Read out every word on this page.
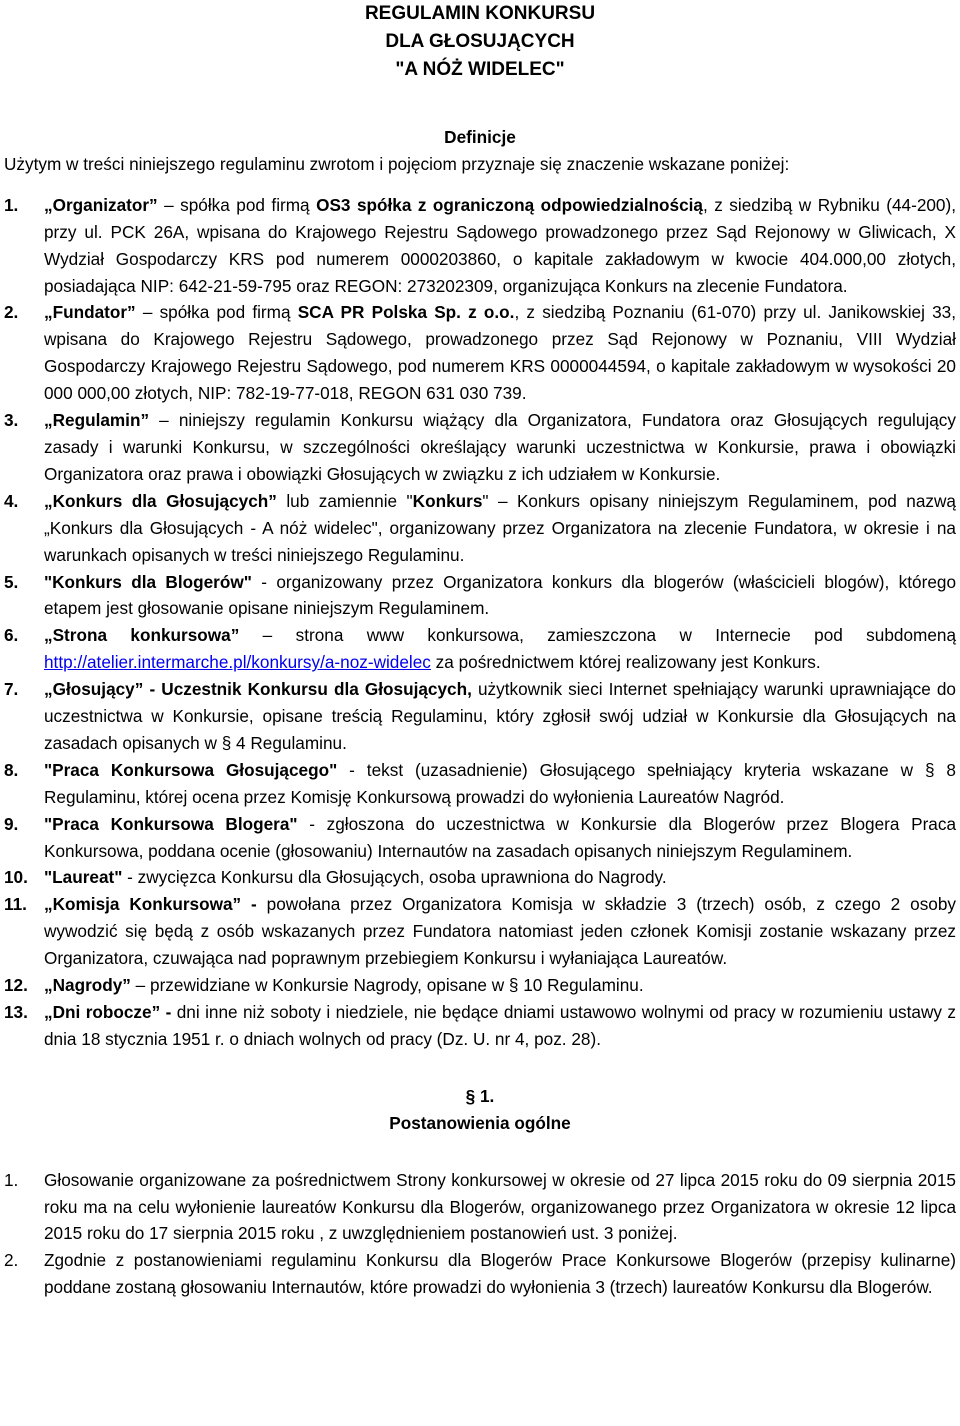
REGULAMIN KONKURSU
DLA GŁOSUJĄCYCH
"A NÓŻ WIDELEC"
Definicje

Użytym w treści niniejszego regulaminu zwrotom i pojęciom przyznaje się znaczenie wskazane poniżej:

1.	„Organizator” – spółka pod firmą OS3 spółka z ograniczoną odpowiedzialnością, z siedzibą w Rybniku (44-200), przy ul. PCK 26A, wpisana do Krajowego Rejestru Sądowego prowadzonego przez Sąd Rejonowy w Gliwicach, X Wydział Gospodarczy KRS pod numerem 0000203860, o kapitale zakładowym w kwocie 404.000,00 złotych, posiadająca NIP: 642-21-59-795 oraz REGON: 273202309, organizująca Konkurs na zlecenie Fundatora.
2.	„Fundator” – spółka pod firmą SCA PR Polska Sp. z o.o., z siedzibą Poznaniu (61-070) przy ul. Janikowskiej 33, wpisana do Krajowego Rejestru Sądowego, prowadzonego przez Sąd Rejonowy w Poznaniu, VIII Wydział Gospodarczy Krajowego Rejestru Sądowego, pod numerem KRS 0000044594, o kapitale zakładowym w wysokości 20 000 000,00 złotych, NIP: 782-19-77-018, REGON 631 030 739.
3.	„Regulamin” – niniejszy regulamin Konkursu wiążący dla Organizatora, Fundatora oraz Głosujących regulujący zasady i warunki Konkursu, w szczególności określający warunki uczestnictwa w Konkursie, prawa i obowiązki Organizatora oraz prawa i obowiązki Głosujących w związku z ich udziałem w Konkursie.
4.	„Konkurs dla Głosujących” lub zamiennie "Konkurs" – Konkurs opisany niniejszym Regulaminem, pod nazwą „Konkurs dla Głosujących - A nóż widelec", organizowany przez Organizatora na zlecenie Fundatora, w okresie i na warunkach opisanych w treści niniejszego Regulaminu.
5.	"Konkurs dla Blogerów" - organizowany przez Organizatora konkurs dla blogerów (właścicieli blogów), którego etapem jest głosowanie opisane niniejszym Regulaminem.
6.	„Strona konkursowa” – strona www konkursowa, zamieszczona w Internecie pod subdomeną http://atelier.intermarche.pl/konkursy/a-noz-widelec za pośrednictwem której realizowany jest Konkurs.
7.	„Głosujący” - Uczestnik Konkursu dla Głosujących, użytkownik sieci Internet spełniający warunki uprawniające do uczestnictwa w Konkursie, opisane treścią Regulaminu, który zgłosił swój udział w Konkursie dla Głosujących na zasadach opisanych w § 4 Regulaminu.
8.	"Praca Konkursowa Głosującego" - tekst (uzasadnienie) Głosującego spełniający kryteria wskazane w § 8 Regulaminu, której ocena przez Komisję Konkursową prowadzi do wyłonienia Laureatów Nagród.
9.	"Praca Konkursowa Blogera" - zgłoszona do uczestnictwa w Konkursie dla Blogerów przez Blogera Praca Konkursowa, poddana ocenie (głosowaniu) Internautów na zasadach opisanych niniejszym Regulaminem.
10. "Laureat" - zwycięzca Konkursu dla Głosujących, osoba uprawniona do Nagrody.
11. „Komisja Konkursowa” - powołana przez Organizatora Komisja w składzie 3 (trzech) osób, z czego 2 osoby wywodzić się będą z osób wskazanych przez Fundatora natomiast jeden członek Komisji zostanie wskazany przez Organizatora, czuwająca nad poprawnym przebiegiem Konkursu i wyłaniająca Laureatów.
12. „Nagrody” – przewidziane w Konkursie Nagrody, opisane w § 10 Regulaminu.
13. „Dni robocze” - dni inne niż soboty i niedziele, nie będące dniami ustawowo wolnymi od pracy w rozumieniu ustawy z dnia 18 stycznia 1951 r. o dniach wolnych od pracy (Dz. U. nr 4, poz. 28).
§ 1.
Postanowienia ogólne
1.	Głosowanie organizowane za pośrednictwem Strony konkursowej w okresie od 27 lipca 2015 roku do 09 sierpnia 2015 roku ma na celu wyłonienie laureatów Konkursu dla Blogerów, organizowanego przez Organizatora w okresie 12 lipca 2015 roku do 17 sierpnia 2015 roku , z uwzględnieniem postanowień ust. 3 poniżej.
2.	Zgodnie z postanowieniami regulaminu Konkursu dla Blogerów Prace Konkursowe Blogerów (przepisy kulinarne) poddane zostaną głosowaniu Internautów, które prowadzi do wyłonienia 3 (trzech) laureatów Konkursu dla Blogerów.
